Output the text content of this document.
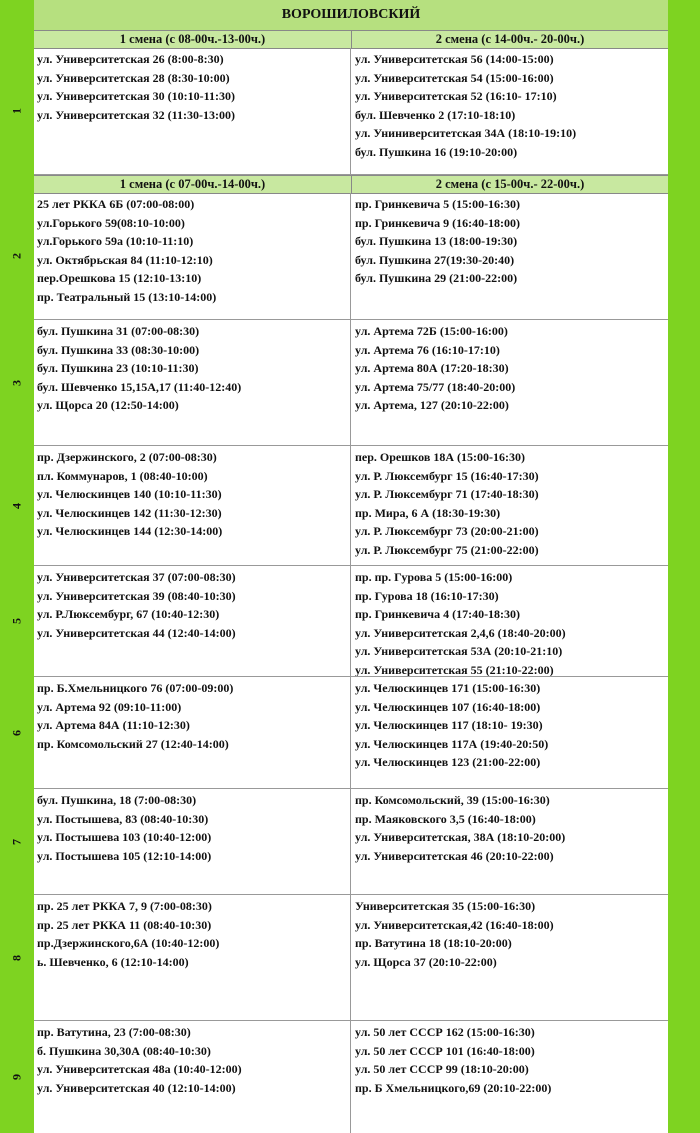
1
2
3
4
5
6
7
8
9
ВОРОШИЛОВСКИЙ
1 смена (с 08-00ч.-13-00ч.)	2 смена (с 14-00ч.- 20-00ч.)
ул. Университетская 26 (8:00-8:30)
ул. Университетская 28 (8:30-10:00)
ул. Университетская 30 (10:10-11:30)
ул. Университетская 32 (11:30-13:00)
ул. Университетская 56 (14:00-15:00)
ул. Университетская 54 (15:00-16:00)
ул. Университетская 52 (16:10- 17:10)
бул. Шевченко 2 (17:10-18:10)
ул. Униниверситетская 34А (18:10-19:10)
бул. Пушкина 16 (19:10-20:00)
1 смена (с 07-00ч.-14-00ч.)	2 смена (с 15-00ч.- 22-00ч.)
25 лет РККА 6Б (07:00-08:00)
ул.Горького 59(08:10-10:00)
ул.Горького 59а (10:10-11:10)
ул. Октябрьская 84 (11:10-12:10)
пер.Орешкова 15 (12:10-13:10)
пр. Театральный 15 (13:10-14:00)
пр. Гринкевича 5 (15:00-16:30)
пр. Гринкевича 9 (16:40-18:00)
бул. Пушкина 13 (18:00-19:30)
бул. Пушкина 27(19:30-20:40)
бул. Пушкина 29 (21:00-22:00)
бул. Пушкина 31 (07:00-08:30)
бул. Пушкина 33 (08:30-10:00)
бул. Пушкина 23 (10:10-11:30)
бул. Шевченко 15,15А,17 (11:40-12:40)
ул. Щорса 20 (12:50-14:00)
ул. Артема 72Б (15:00-16:00)
ул. Артема 76 (16:10-17:10)
ул. Артема 80А (17:20-18:30)
ул. Артема 75/77 (18:40-20:00)
ул. Артема, 127 (20:10-22:00)
пр. Дзержинского, 2 (07:00-08:30)
пл. Коммунаров, 1 (08:40-10:00)
ул. Челюскинцев 140 (10:10-11:30)
ул. Челюскинцев 142 (11:30-12:30)
ул. Челюскинцев 144 (12:30-14:00)
пер. Орешков 18А (15:00-16:30)
ул. Р. Люксембург 15 (16:40-17:30)
ул. Р. Люксембург 71 (17:40-18:30)
пр. Мира, 6 А (18:30-19:30)
ул. Р. Люксембург 73 (20:00-21:00)
ул. Р. Люксембург 75 (21:00-22:00)
ул. Университетская 37 (07:00-08:30)
ул. Университетская 39 (08:40-10:30)
ул. Р.Люксембург, 67 (10:40-12:30)
ул. Университетская 44 (12:40-14:00)
пр. пр. Гурова 5 (15:00-16:00)
пр. Гурова 18 (16:10-17:30)
пр. Гринкевича 4 (17:40-18:30)
ул. Университетская 2,4,6 (18:40-20:00)
ул. Университетская 53А (20:10-21:10)
ул. Университетская 55 (21:10-22:00)
пр. Б.Хмельницкого 76 (07:00-09:00)
ул. Артема 92 (09:10-11:00)
ул. Артема 84А (11:10-12:30)
пр. Комсомольский 27 (12:40-14:00)
ул. Челюскинцев 171 (15:00-16:30)
ул. Челюскинцев 107 (16:40-18:00)
ул. Челюскинцев 117 (18:10- 19:30)
ул. Челюскинцев 117А (19:40-20:50)
ул. Челюскинцев 123 (21:00-22:00)
бул. Пушкина, 18 (7:00-08:30)
ул. Постышева, 83 (08:40-10:30)
ул. Постышева 103 (10:40-12:00)
ул. Постышева 105 (12:10-14:00)
пр. Комсомольский, 39 (15:00-16:30)
пр. Маяковского 3,5 (16:40-18:00)
ул. Университетская, 38А (18:10-20:00)
ул. Университетская 46 (20:10-22:00)
пр. 25 лет РККА 7, 9 (7:00-08:30)
пр. 25 лет РККА 11 (08:40-10:30)
пр.Дзержинского,6А (10:40-12:00)
ь. Шевченко, 6 (12:10-14:00)
Университетская 35 (15:00-16:30)
ул. Университетская,42 (16:40-18:00)
пр. Ватутина 18 (18:10-20:00)
ул. Щорса 37 (20:10-22:00)
пр. Ватутина, 23 (7:00-08:30)
б. Пушкина 30,30А (08:40-10:30)
ул. Университетская 48а (10:40-12:00)
ул. Университетская 40 (12:10-14:00)
ул. 50 лет СССР 162 (15:00-16:30)
ул. 50 лет СССР 101 (16:40-18:00)
ул. 50 лет СССР 99 (18:10-20:00)
пр. Б Хмельницкого,69 (20:10-22:00)
